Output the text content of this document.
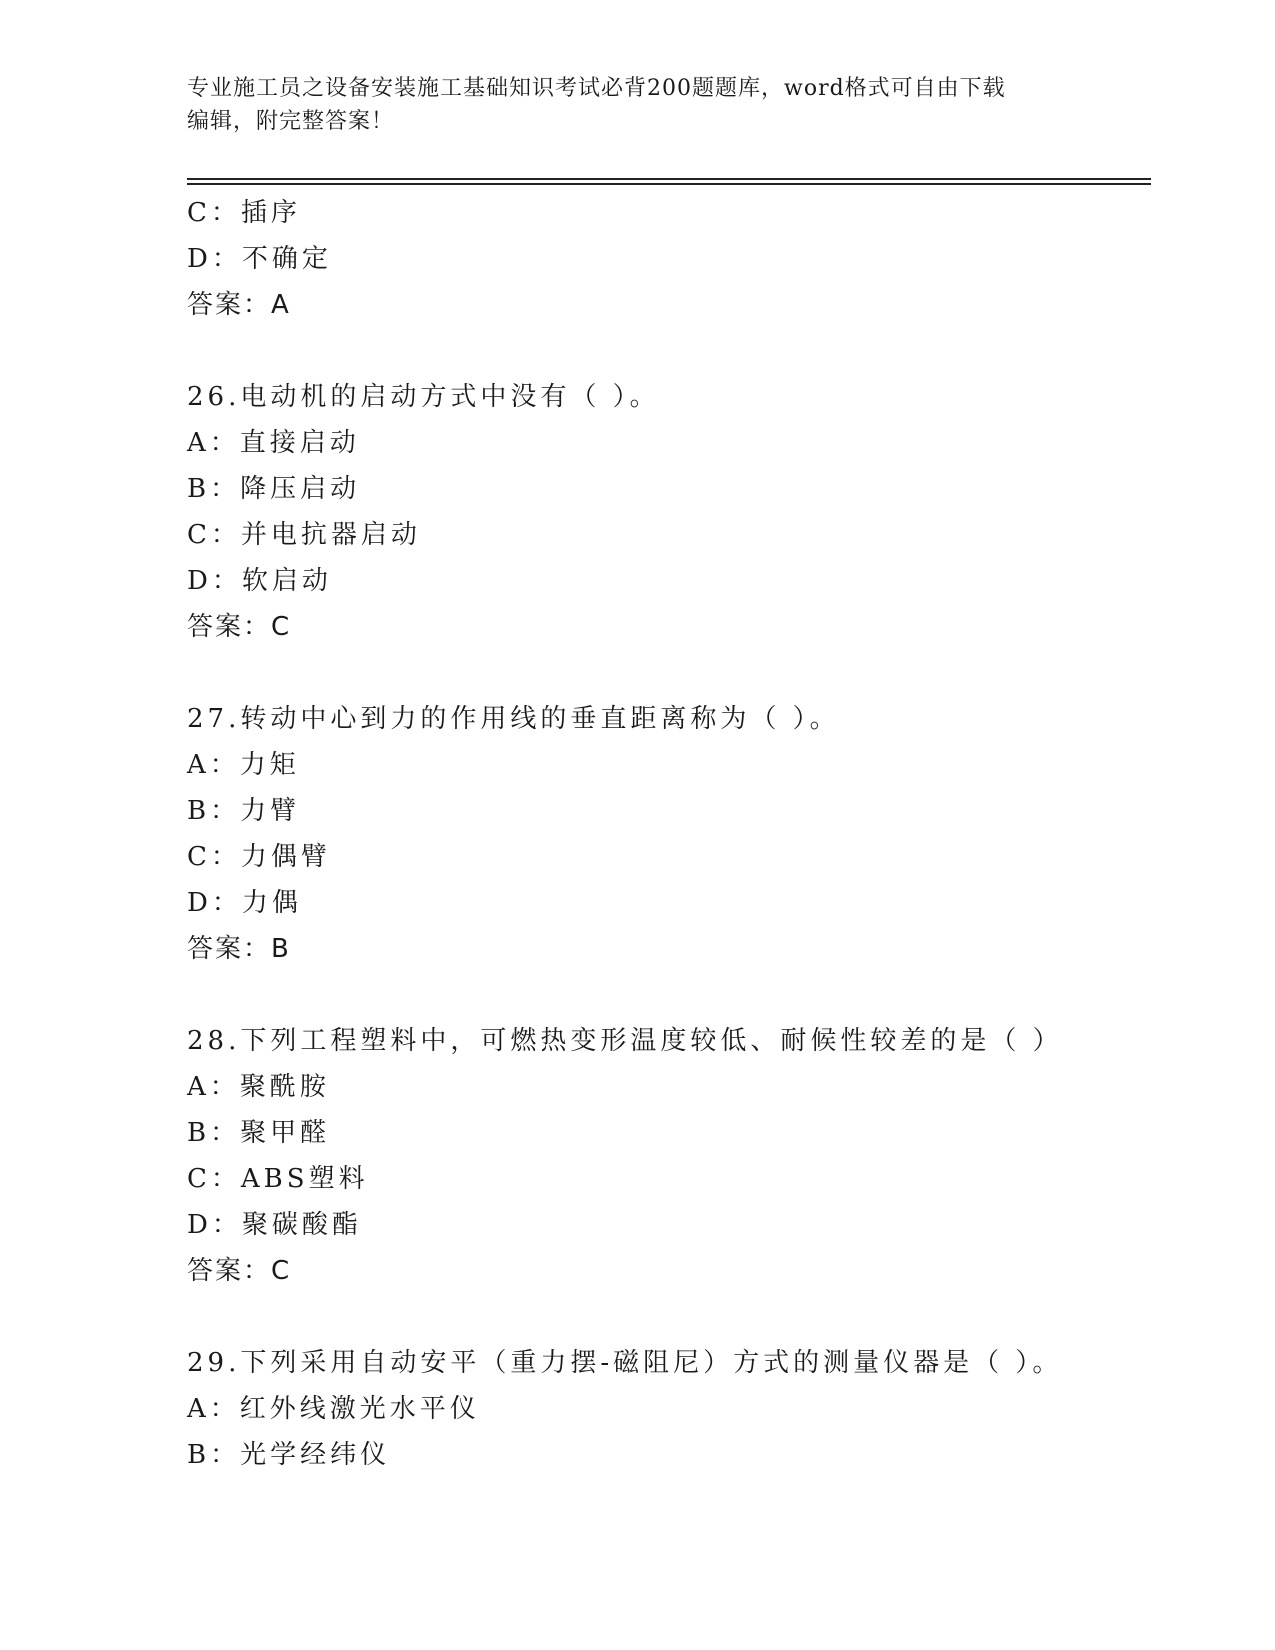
专业施工员之设备安装施工基础知识考试必背200题题库，word格式可自由下载
编辑，附完整答案！
C：插序
D：不确定
答案：A
26.电动机的启动方式中没有（ ）。
A：直接启动
B：降压启动
C：并电抗器启动
D：软启动
答案：C
27.转动中心到力的作用线的垂直距离称为（ ）。
A：力矩
B：力臂
C：力偶臂
D：力偶
答案：B
28.下列工程塑料中，可燃热变形温度较低、耐候性较差的是（ ）
A：聚酰胺
B：聚甲醛
C：ABS塑料
D：聚碳酸酯
答案：C
29.下列采用自动安平（重力摆-磁阻尼）方式的测量仪器是（ ）。
A：红外线激光水平仪
B：光学经纬仪
